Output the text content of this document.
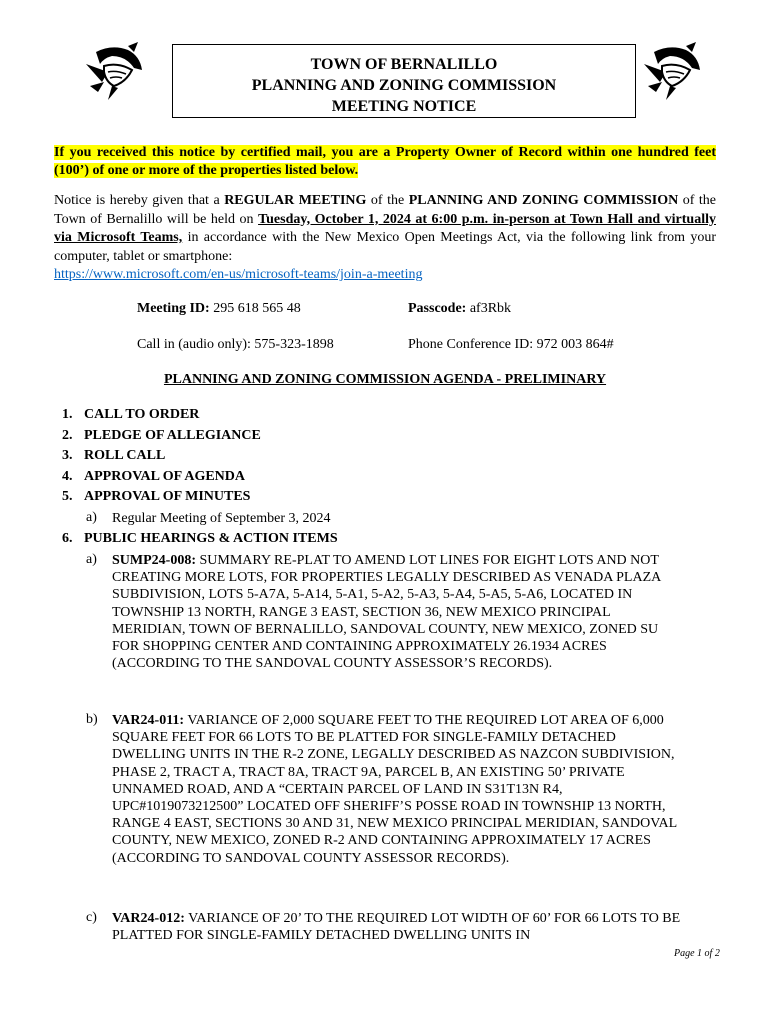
TOWN OF BERNALILLO
PLANNING AND ZONING COMMISSION
MEETING NOTICE
If you received this notice by certified mail, you are a Property Owner of Record within one hundred feet (100’) of one or more of the properties listed below.
Notice is hereby given that a REGULAR MEETING of the PLANNING AND ZONING COMMISSION of the Town of Bernalillo will be held on Tuesday, October 1, 2024 at 6:00 p.m. in-person at Town Hall and virtually via Microsoft Teams, in accordance with the New Mexico Open Meetings Act, via the following link from your computer, tablet or smartphone:
https://www.microsoft.com/en-us/microsoft-teams/join-a-meeting
Meeting ID: 295 618 565 48	Passcode: af3Rbk
Call in (audio only): 575-323-1898	Phone Conference ID: 972 003 864#
PLANNING AND ZONING COMMISSION AGENDA - PRELIMINARY
1. CALL TO ORDER
2. PLEDGE OF ALLEGIANCE
3. ROLL CALL
4. APPROVAL OF AGENDA
5. APPROVAL OF MINUTES
a) Regular Meeting of September 3, 2024
6. PUBLIC HEARINGS & ACTION ITEMS
a) SUMP24-008: SUMMARY RE-PLAT TO AMEND LOT LINES FOR EIGHT LOTS AND NOT CREATING MORE LOTS, FOR PROPERTIES LEGALLY DESCRIBED AS VENADA PLAZA SUBDIVISION, LOTS 5-A7A, 5-A14, 5-A1, 5-A2, 5-A3, 5-A4, 5-A5, 5-A6, LOCATED IN TOWNSHIP 13 NORTH, RANGE 3 EAST, SECTION 36, NEW MEXICO PRINCIPAL MERIDIAN, TOWN OF BERNALILLO, SANDOVAL COUNTY, NEW MEXICO, ZONED SU FOR SHOPPING CENTER AND CONTAINING APPROXIMATELY 26.1934 ACRES (ACCORDING TO THE SANDOVAL COUNTY ASSESSOR’S RECORDS).
b) VAR24-011: VARIANCE OF 2,000 SQUARE FEET TO THE REQUIRED LOT AREA OF 6,000 SQUARE FEET FOR 66 LOTS TO BE PLATTED FOR SINGLE-FAMILY DETACHED DWELLING UNITS IN THE R-2 ZONE, LEGALLY DESCRIBED AS NAZCON SUBDIVISION, PHASE 2, TRACT A, TRACT 8A, TRACT 9A, PARCEL B, AN EXISTING 50’ PRIVATE UNNAMED ROAD, AND A “CERTAIN PARCEL OF LAND IN S31T13N R4, UPC#1019073212500” LOCATED OFF SHERIFF’S POSSE ROAD IN TOWNSHIP 13 NORTH, RANGE 4 EAST, SECTIONS 30 AND 31, NEW MEXICO PRINCIPAL MERIDIAN, SANDOVAL COUNTY, NEW MEXICO, ZONED R-2 AND CONTAINING APPROXIMATELY 17 ACRES (ACCORDING TO SANDOVAL COUNTY ASSESSOR RECORDS).
c) VAR24-012: VARIANCE OF 20’ TO THE REQUIRED LOT WIDTH OF 60’ FOR 66 LOTS TO BE PLATTED FOR SINGLE-FAMILY DETACHED DWELLING UNITS IN
Page 1 of 2
